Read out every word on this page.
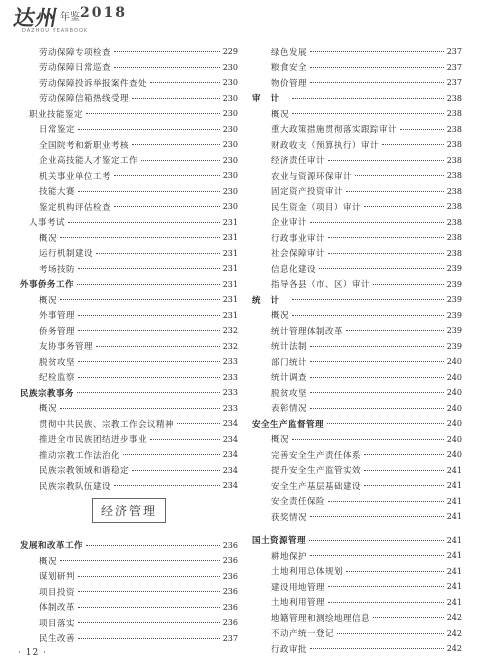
达州 年鉴 2018
DAZHOU YEARBOOK
劳动保障专项检查	229
劳动保障日常巡查	230
劳动保障投诉举报案件查处	230
劳动保障信箱热线受理	230
职业技能鉴定	230
日常鉴定	230
全国院考和新职业考核	230
企业高技能人才鉴定工作	230
机关事业单位工考	230
技能大赛	230
鉴定机构评估检查	230
人事考试	231
概况	231
运行机制建设	231
考场技防	231
外事侨务工作	231
概况	231
外事管理	231
侨务管理	232
友协事务管理	232
脱贫攻坚	233
纪检监察	233
民族宗教事务	233
概况	233
贯彻中共民族、宗教工作会议精神	234
推进全市民族团结进步事业	234
推动宗教工作法治化	234
民族宗教领域和谐稳定	234
民族宗教队伍建设	234
经济管理
发展和改革工作	236
概况	236
谋划研判	236
项目投资	236
体制改革	236
项目落实	236
民生改善	237
绿色发展	237
粮食安全	237
物价管理	237
审计	238
概况	238
重大政策措施贯彻落实跟踪审计	238
财政收支（预算执行）审计	238
经济责任审计	238
农业与资源环保审计	238
固定资产投资审计	238
民生资金（项目）审计	238
企业审计	238
行政事业审计	238
社会保障审计	238
信息化建设	239
指导各县（市、区）审计	239
统计	239
概况	239
统计管理体制改革	239
统计法制	239
部门统计	240
统计调查	240
脱贫攻坚	240
表彰情况	240
安全生产监督管理	240
概况	240
完善安全生产责任体系	240
提升安全生产监管实效	241
安全生产基层基础建设	241
安全责任保险	241
获奖情况	241
国土资源管理	241
耕地保护	241
土地利用总体规划	241
建设用地管理	241
土地利用管理	241
地籍管理和测绘地理信息	242
不动产统一登记	242
行政审批	242
· 12 ·
